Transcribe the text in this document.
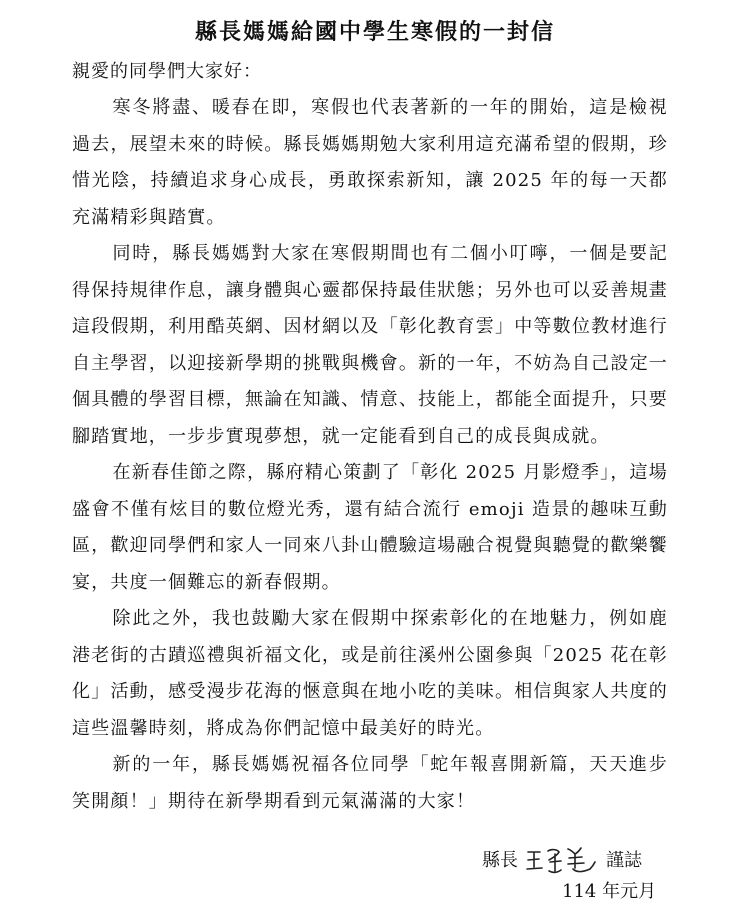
縣長媽媽給國中學生寒假的一封信
親愛的同學們大家好：

寒冬將盡、暖春在即，寒假也代表著新的一年的開始，這是檢視過去，展望未來的時候。縣長媽媽期勉大家利用這充滿希望的假期，珍惜光陰，持續追求身心成長，勇敢探索新知，讓 2025 年的每一天都充滿精彩與踏實。

同時，縣長媽媽對大家在寒假期間也有二個小叮嚀，一個是要記得保持規律作息，讓身體與心靈都保持最佳狀態；另外也可以妥善規畫這段假期，利用酷英網、因材網以及「彰化教育雲」中等數位教材進行自主學習，以迎接新學期的挑戰與機會。新的一年，不妨為自己設定一個具體的學習目標，無論在知識、情意、技能上，都能全面提升，只要腳踏實地，一步步實現夢想，就一定能看到自己的成長與成就。

在新春佳節之際，縣府精心策劃了「彰化 2025 月影燈季」，這場盛會不僅有炫目的數位燈光秀，還有結合流行 emoji 造景的趣味互動區，歡迎同學們和家人一同來八卦山體驗這場融合視覺與聽覺的歡樂饗宴，共度一個難忘的新春假期。

除此之外，我也鼓勵大家在假期中探索彰化的在地魅力，例如鹿港老街的古蹟巡禮與祈福文化，或是前往溪州公園參與「2025 花在彰化」活動，感受漫步花海的愜意與在地小吃的美味。相信與家人共度的這些溫馨時刻，將成為你們記憶中最美好的時光。

新的一年，縣長媽媽祝福各位同學「蛇年報喜開新篇，天天進步笑開顏！」期待在新學期看到元氣滿滿的大家！

縣長	謹誌
114 年元月
